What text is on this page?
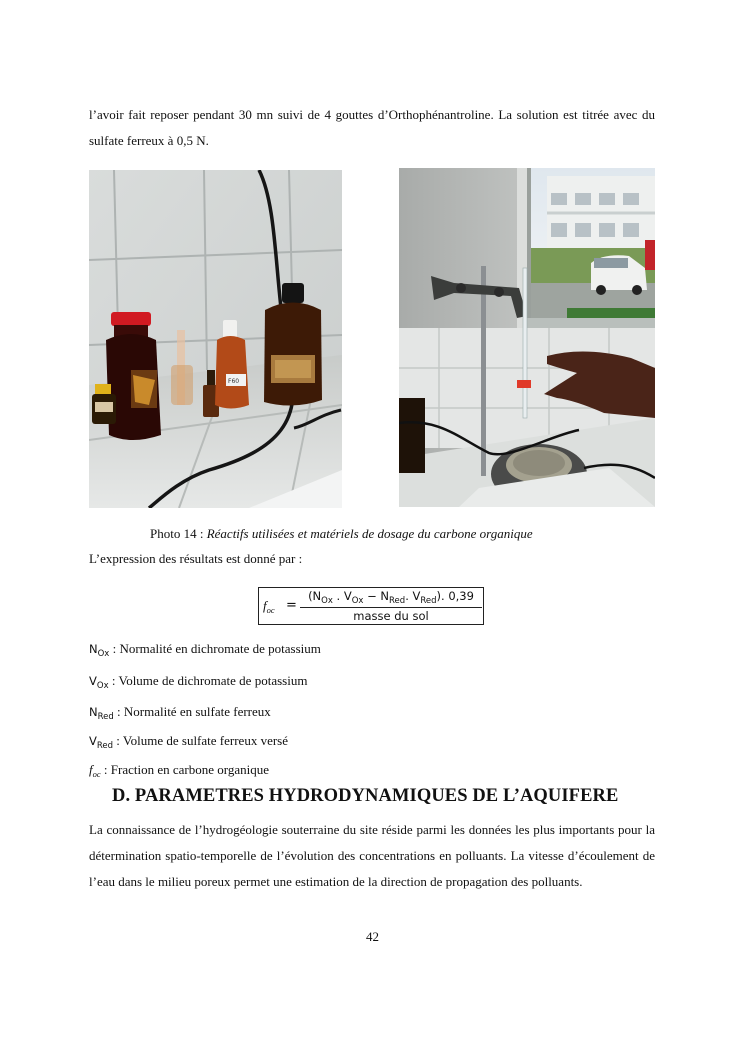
l’avoir fait reposer pendant 30 mn suivi de 4 gouttes d’Orthophénantroline. La solution est titrée avec du sulfate ferreux à 0,5 N.
F60
Photo 14 : Réactifs utilisées et matériels de dosage du carbone organique
L’expression des résultats est donné par :
$f_{oc}$ =
($N_{Ox}$ . $V_{Ox} - N_{Red}$. $V_{Red}$). 0,39
masse du sol
$N_{Ox}$ : Normalité en dichromate de potassium
$V_{Ox}$ : Volume de dichromate de potassium
$N_{Red}$ : Normalité en sulfate ferreux
$V_{Red}$ : Volume de sulfate ferreux versé
$f_{oc}$ : Fraction en carbone organique
D. PARAMETRES HYDRODYNAMIQUES DE L’AQUIFERE
La connaissance de l’hydrogéologie souterraine du site réside parmi les données les plus importants pour la détermination spatio-temporelle de l’évolution des concentrations en polluants. La vitesse d’écoulement de l’eau dans le milieu poreux permet une estimation de la direction de propagation des polluants.
42
